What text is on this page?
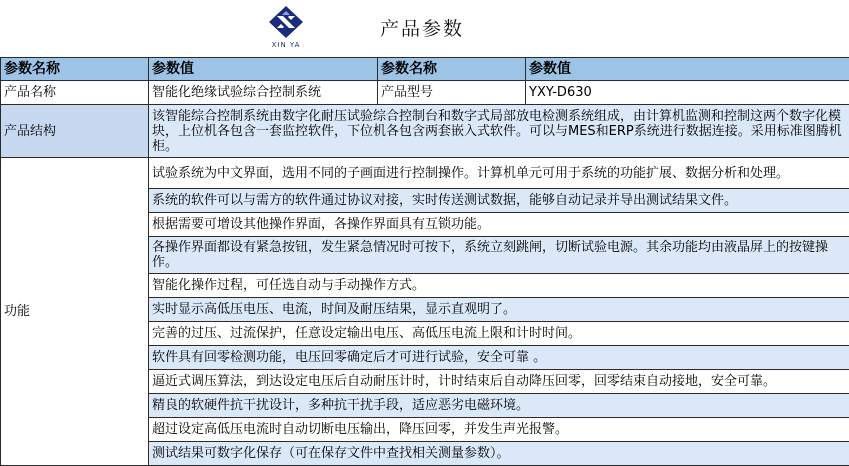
XIN YA
产品参数
参数名称	参数值	参数名称	参数值
产品名称	智能化绝缘试验综合控制系统	产品型号	YXY-D630
产品结构	该智能综合控制系统由数字化耐压试验综合控制台和数字式局部放电检测系统组成，由计算机监测和控制这两个数字化模块，上位机各包含一套监控软件，下位机各包含两套嵌入式软件。可以与MES和ERP系统进行数据连接。采用标准图腾机柜。		
功能	试验系统为中文界面，选用不同的子画面进行控制操作。计算机单元可用于系统的功能扩展、数据分析和处理。		
	系统的软件可以与需方的软件通过协议对接，实时传送测试数据，能够自动记录并导出测试结果文件。		
	根据需要可增设其他操作界面，各操作界面具有互锁功能。		
	各操作界面都设有紧急按钮，发生紧急情况时可按下，系统立刻跳闸，切断试验电源。其余功能均由液晶屏上的按键操作。		
	智能化操作过程，可任选自动与手动操作方式。		
	实时显示高低压电压、电流，时间及耐压结果，显示直观明了。		
	完善的过压、过流保护，任意设定输出电压、高低压电流上限和计时时间。		
	软件具有回零检测功能，电压回零确定后才可进行试验，安全可靠 。		
	逼近式调压算法，到达设定电压后自动耐压计时，计时结束后自动降压回零，回零结束自动接地，安全可靠。		
	精良的软硬件抗干扰设计，多种抗干扰手段，适应恶劣电磁环境。		
	超过设定高低压电流时自动切断电压输出，降压回零，并发生声光报警。		
	测试结果可数字化保存（可在保存文件中查找相关测量参数）。		
